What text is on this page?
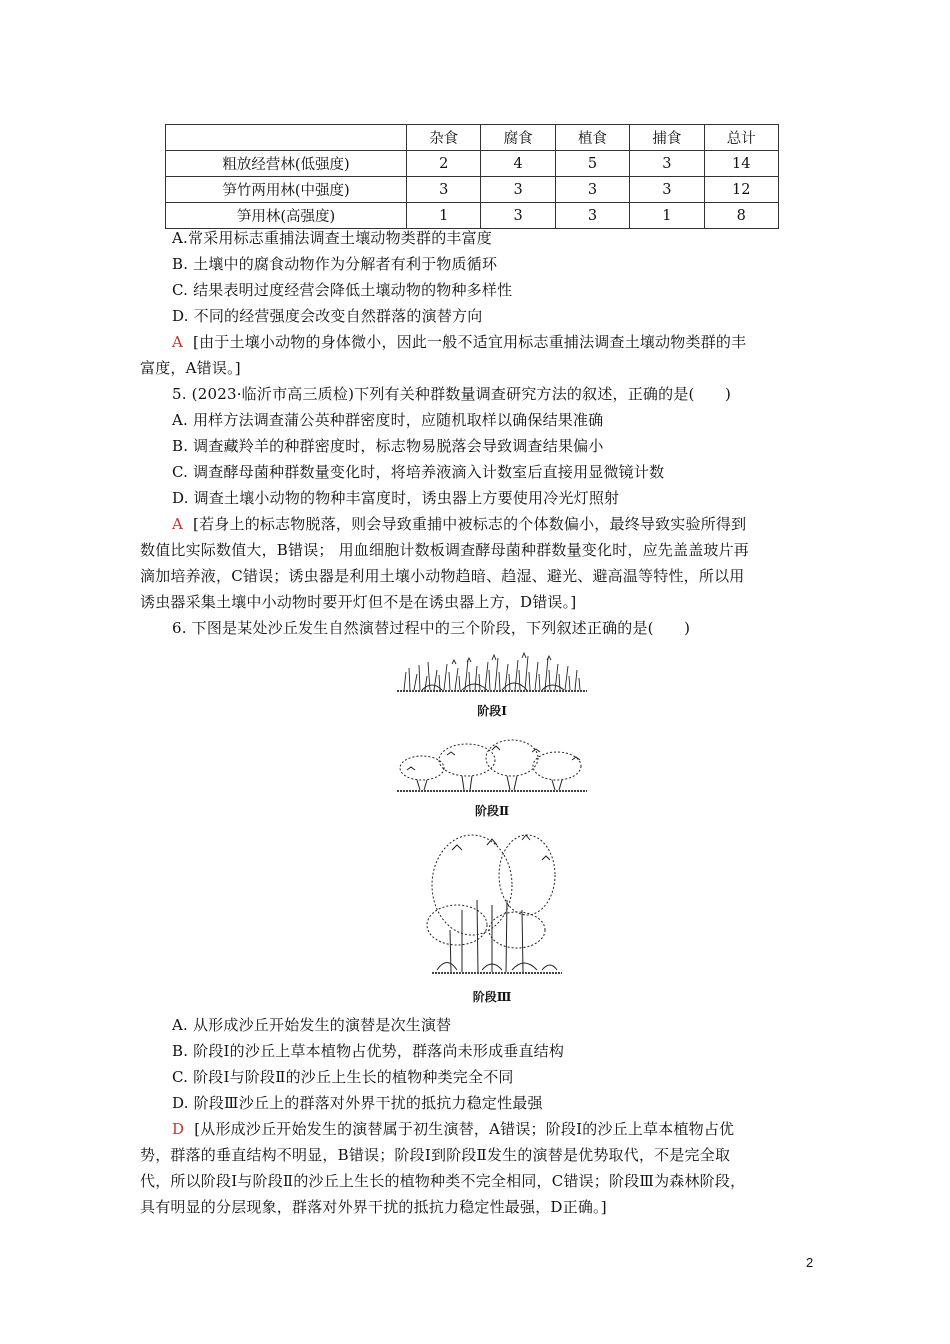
	杂食	腐食	植食	捕食	总计
粗放经营林(低强度)	2	4	5	3	14
笋竹两用林(中强度)	3	3	3	3	12
笋用林(高强度)	1	3	3	1	8
A.常采用标志重捕法调查土壤动物类群的丰富度
B. 土壤中的腐食动物作为分解者有利于物质循环
C. 结果表明过度经营会降低土壤动物的物种多样性
D. 不同的经营强度会改变自然群落的演替方向
A [由于土壤小动物的身体微小，因此一般不适宜用标志重捕法调查土壤动物类群的丰
富度，A错误。]
5. (2023·临沂市高三质检)下列有关种群数量调查研究方法的叙述，正确的是(　　)
A. 用样方法调查蒲公英种群密度时，应随机取样以确保结果准确
B. 调查藏羚羊的种群密度时，标志物易脱落会导致调查结果偏小
C. 调查酵母菌种群数量变化时，将培养液滴入计数室后直接用显微镜计数
D. 调查土壤小动物的物种丰富度时，诱虫器上方要使用冷光灯照射
A [若身上的标志物脱落，则会导致重捕中被标志的个体数偏小，最终导致实验所得到
数值比实际数值大，B错误； 用血细胞计数板调查酵母菌种群数量变化时，应先盖盖玻片再
滴加培养液，C错误；诱虫器是利用土壤小动物趋暗、趋湿、避光、避高温等特性，所以用
诱虫器采集土壤中小动物时要开灯但不是在诱虫器上方，D错误。]
6. 下图是某处沙丘发生自然演替过程中的三个阶段，下列叙述正确的是(　　)
A. 从形成沙丘开始发生的演替是次生演替
B. 阶段Ⅰ的沙丘上草本植物占优势，群落尚未形成垂直结构
C. 阶段Ⅰ与阶段Ⅱ的沙丘上生长的植物种类完全不同
D. 阶段Ⅲ沙丘上的群落对外界干扰的抵抗力稳定性最强
D [从形成沙丘开始发生的演替属于初生演替，A错误；阶段Ⅰ的沙丘上草本植物占优
势，群落的垂直结构不明显，B错误；阶段Ⅰ到阶段Ⅱ发生的演替是优势取代，不是完全取
代，所以阶段Ⅰ与阶段Ⅱ的沙丘上生长的植物种类不完全相同，C错误；阶段Ⅲ为森林阶段，
具有明显的分层现象，群落对外界干扰的抵抗力稳定性最强，D正确。]
阶段Ⅰ
阶段Ⅱ
阶段Ⅲ
2
